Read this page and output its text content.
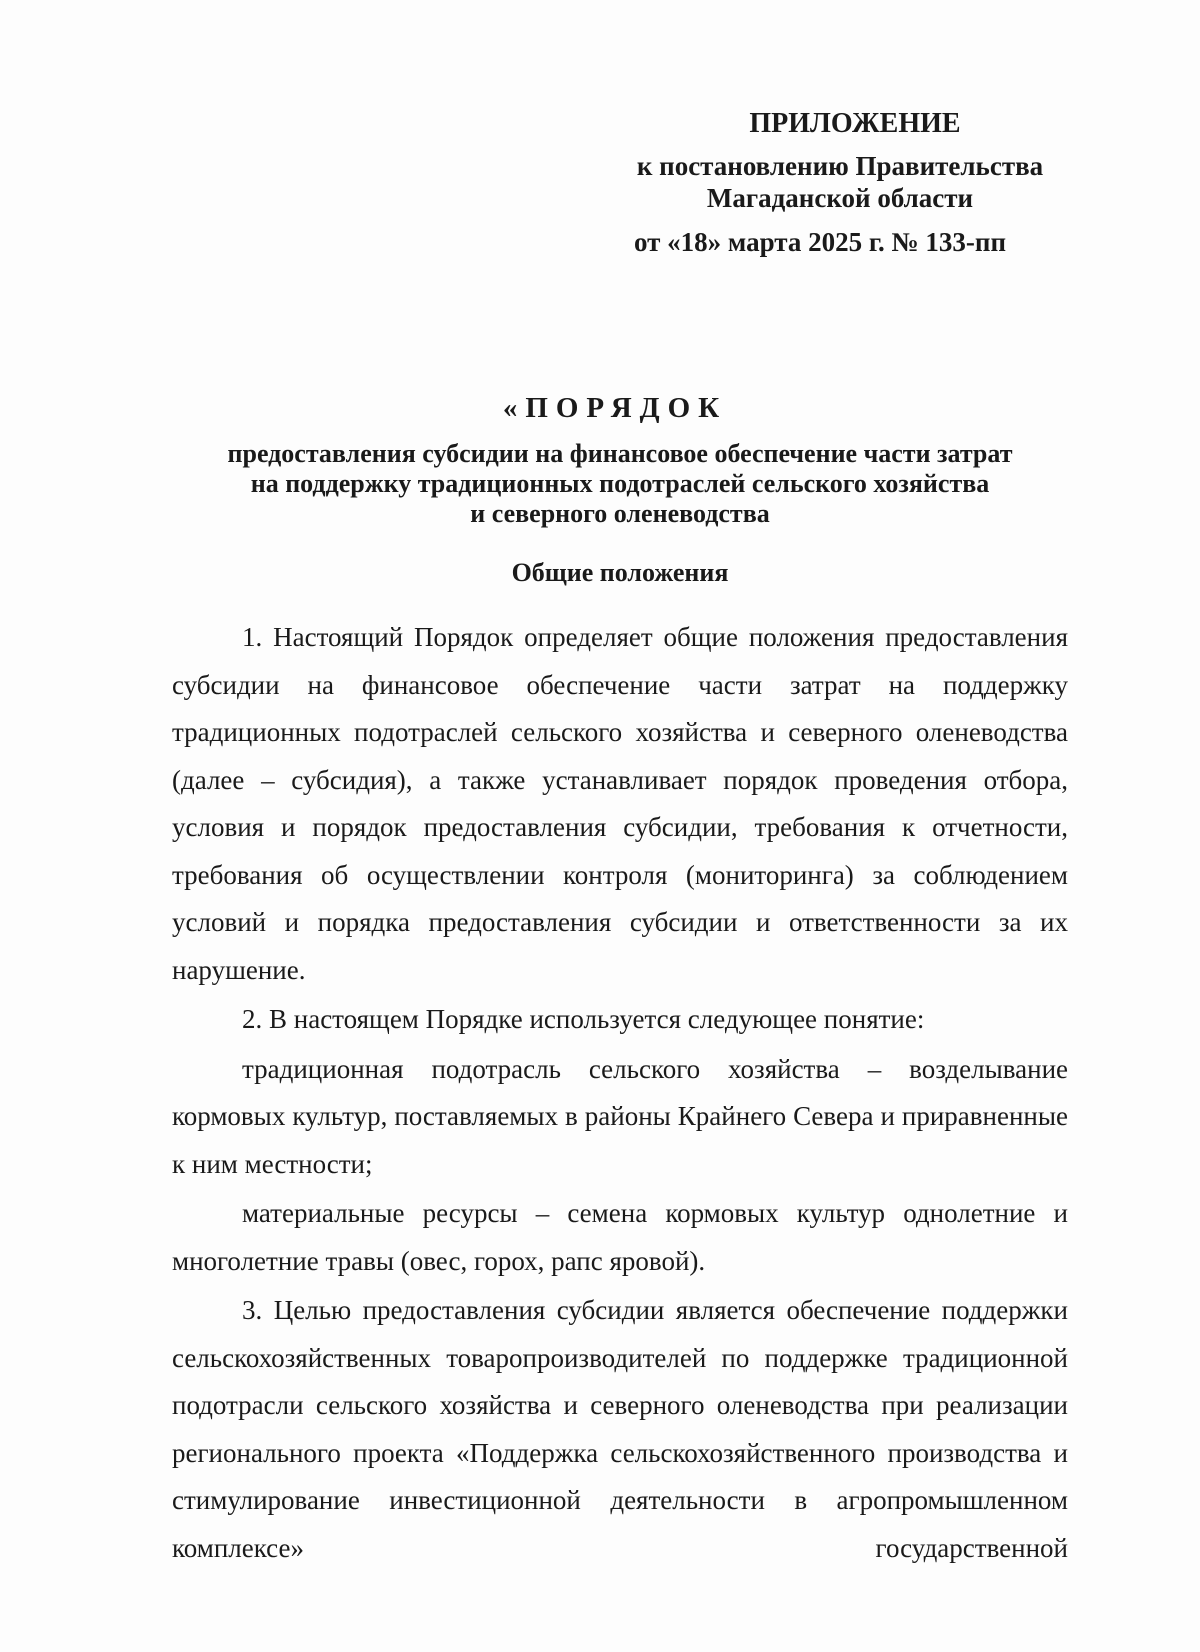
ПРИЛОЖЕНИЕ
к постановлению Правительства
Магаданской области
от «18» марта 2025 г. № 133-пп
«ПОРЯДОК
предоставления субсидии на финансовое обеспечение части затрат
на поддержку традиционных подотраслей сельского хозяйства
и северного оленеводства
Общие положения

1. Настоящий Порядок определяет общие положения предоставления субсидии на финансовое обеспечение части затрат на поддержку традиционных подотраслей сельского хозяйства и северного оленеводства (далее – субсидия), а также устанавливает порядок проведения отбора, условия и порядок предоставления субсидии, требования к отчетности, требования об осуществлении контроля (мониторинга) за соблюдением условий и порядка предоставления субсидии и ответственности за их нарушение.

2. В настоящем Порядке используется следующее понятие:

традиционная подотрасль сельского хозяйства – возделывание кормовых культур, поставляемых в районы Крайнего Севера и приравненные к ним местности;

материальные ресурсы – семена кормовых культур однолетние и многолетние травы (овес, горох, рапс яровой).

3. Целью предоставления субсидии является обеспечение поддержки сельскохозяйственных товаропроизводителей по поддержке традиционной подотрасли сельского хозяйства и северного оленеводства при реализации регионального проекта «Поддержка сельскохозяйственного производства и стимулирование инвестиционной деятельности в агропромышленном комплексе» государственной
